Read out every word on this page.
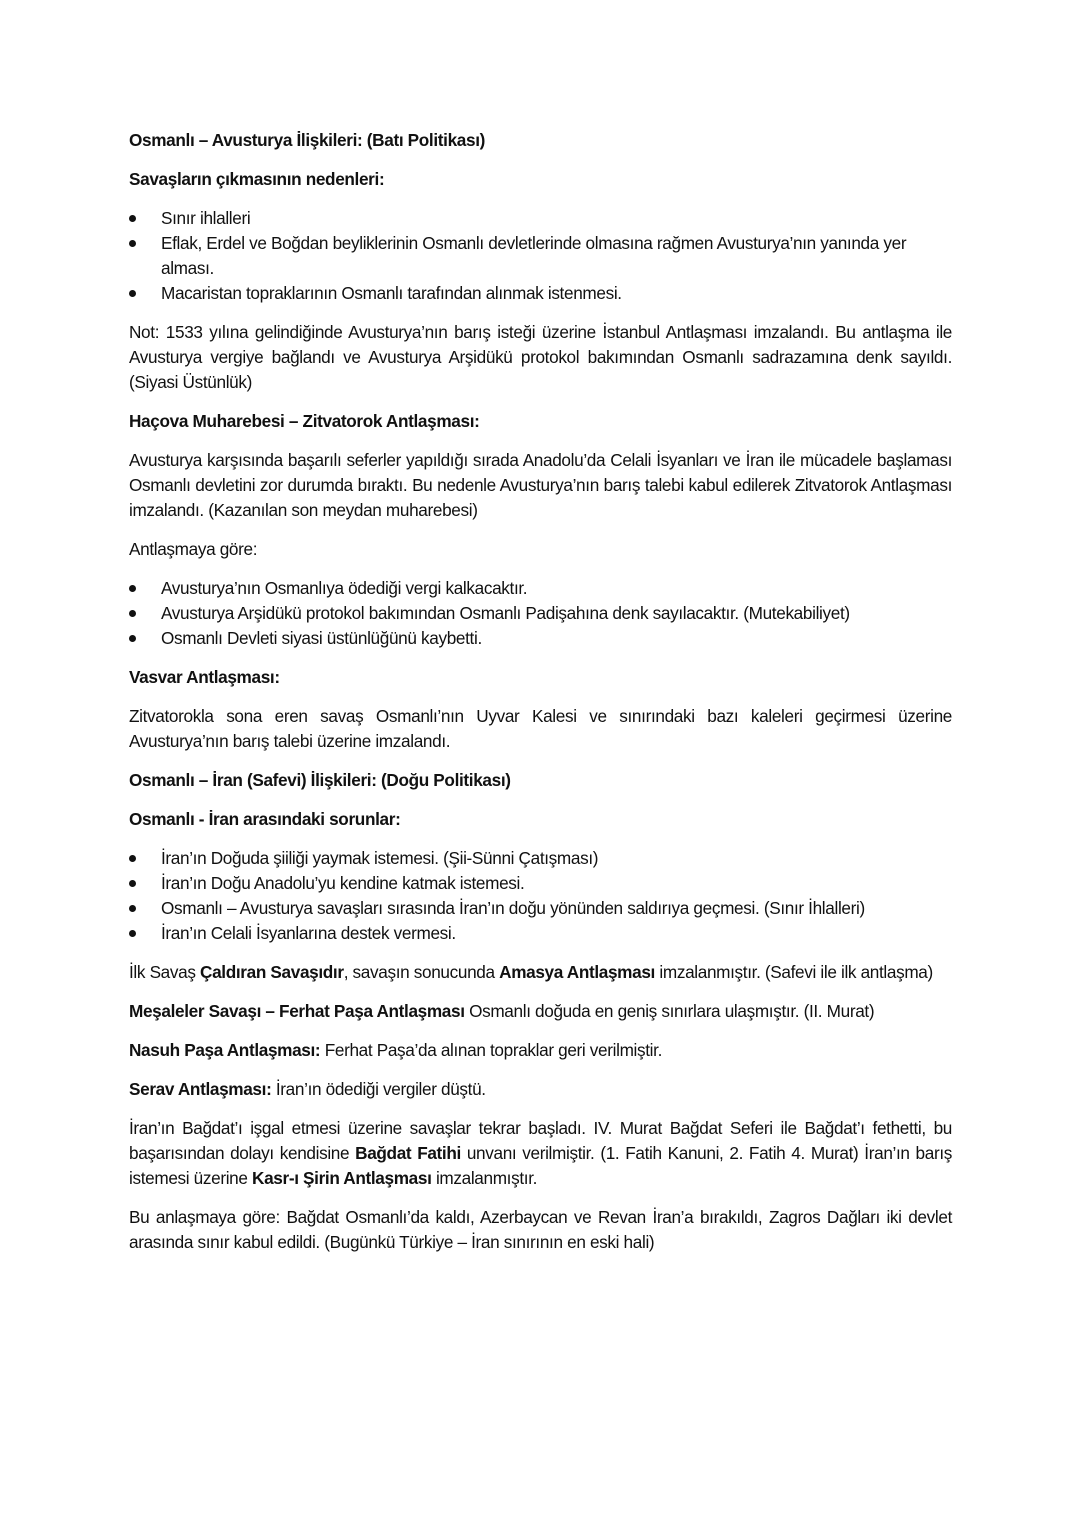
Osmanlı – Avusturya İlişkileri: (Batı Politikası)

Savaşların çıkmasının nedenleri:

Sınır ihlalleri
Eflak, Erdel ve Boğdan beyliklerinin Osmanlı devletlerinde olmasına rağmen Avusturya’nın yanında yer alması.
Macaristan topraklarının Osmanlı tarafından alınmak istenmesi.

Not: 1533 yılına gelindiğinde Avusturya’nın barış isteği üzerine İstanbul Antlaşması imzalandı. Bu antlaşma ile Avusturya vergiye bağlandı ve Avusturya Arşidükü protokol bakımından Osmanlı sadrazamına denk sayıldı. (Siyasi Üstünlük)

Haçova Muharebesi – Zitvatorok Antlaşması:

Avusturya karşısında başarılı seferler yapıldığı sırada Anadolu’da Celali İsyanları ve İran ile mücadele başlaması Osmanlı devletini zor durumda bıraktı. Bu nedenle Avusturya’nın barış talebi kabul edilerek Zitvatorok Antlaşması imzalandı. (Kazanılan son meydan muharebesi)

Antlaşmaya göre:

Avusturya’nın Osmanlıya ödediği vergi kalkacaktır.
Avusturya Arşidükü protokol bakımından Osmanlı Padişahına denk sayılacaktır. (Mutekabiliyet)
Osmanlı Devleti siyasi üstünlüğünü kaybetti.

Vasvar Antlaşması:

Zitvatorokla sona eren savaş Osmanlı’nın Uyvar Kalesi ve sınırındaki bazı kaleleri geçirmesi üzerine Avusturya’nın barış talebi üzerine imzalandı.

Osmanlı – İran (Safevi) İlişkileri: (Doğu Politikası)

Osmanlı - İran arasındaki sorunlar:

İran’ın Doğuda şiiliği yaymak istemesi. (Şii-Sünni Çatışması)
İran’ın Doğu Anadolu’yu kendine katmak istemesi.
Osmanlı – Avusturya savaşları sırasında İran’ın doğu yönünden saldırıya geçmesi. (Sınır İhlalleri)
İran’ın Celali İsyanlarına destek vermesi.

İlk Savaş Çaldıran Savaşıdır, savaşın sonucunda Amasya Antlaşması imzalanmıştır. (Safevi ile ilk antlaşma)

Meşaleler Savaşı – Ferhat Paşa Antlaşması Osmanlı doğuda en geniş sınırlara ulaşmıştır. (II. Murat)

Nasuh Paşa Antlaşması: Ferhat Paşa’da alınan topraklar geri verilmiştir.

Serav Antlaşması: İran’ın ödediği vergiler düştü.

İran’ın Bağdat’ı işgal etmesi üzerine savaşlar tekrar başladı. IV. Murat Bağdat Seferi ile Bağdat’ı fethetti, bu başarısından dolayı kendisine Bağdat Fatihi unvanı verilmiştir. (1. Fatih Kanuni, 2. Fatih 4. Murat) İran’ın barış istemesi üzerine Kasr-ı Şirin Antlaşması imzalanmıştır.

Bu anlaşmaya göre: Bağdat Osmanlı’da kaldı, Azerbaycan ve Revan İran’a bırakıldı, Zagros Dağları iki devlet arasında sınır kabul edildi. (Bugünkü Türkiye – İran sınırının en eski hali)
